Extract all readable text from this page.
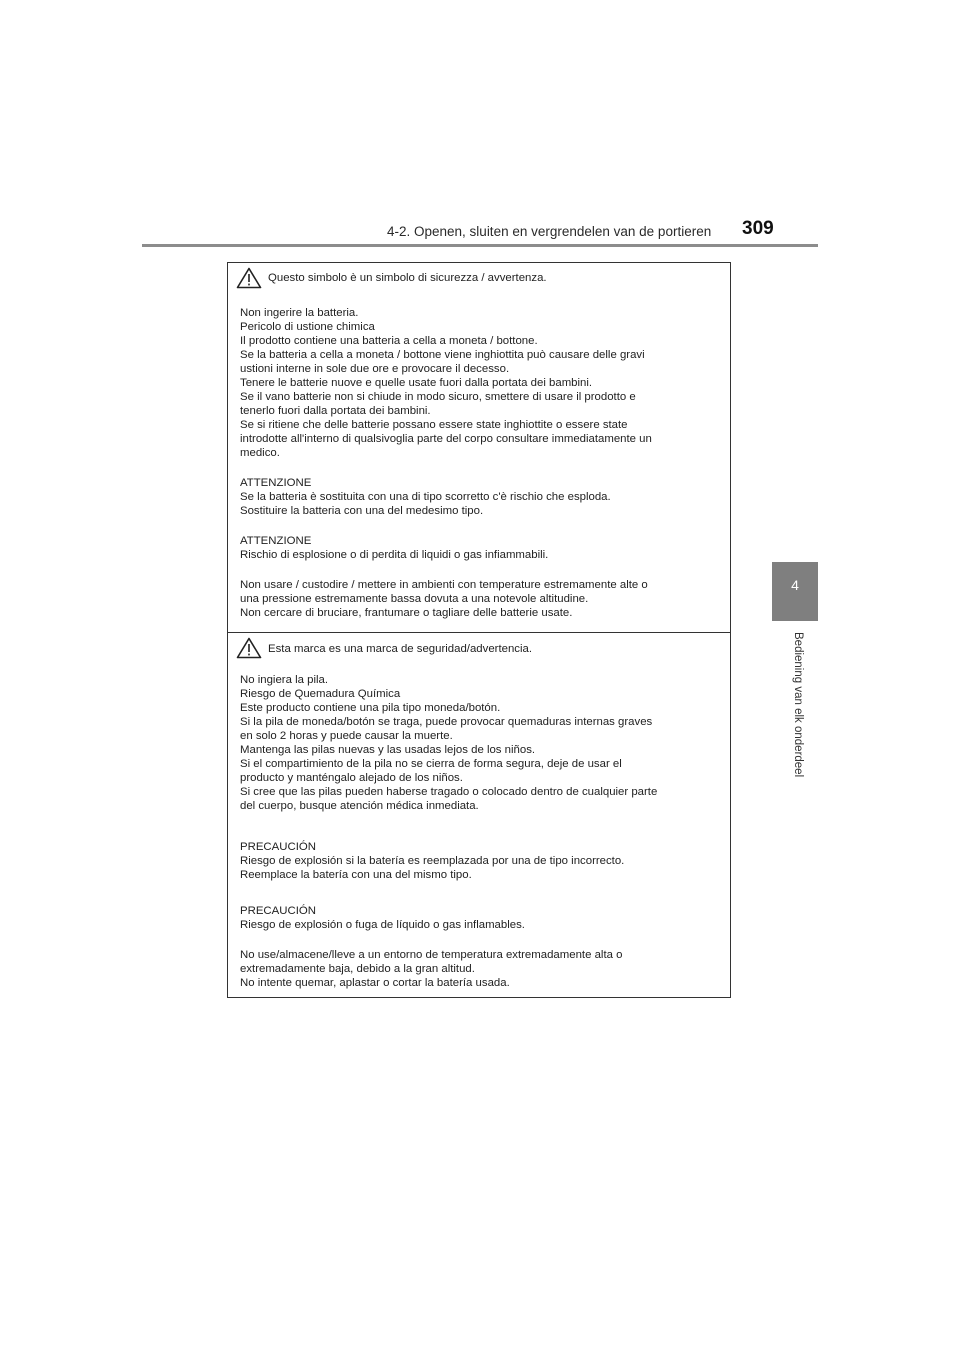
4-2. Openen, sluiten en vergrendelen van de portieren 309
4
Bediening van elk onderdeel
Questo simbolo è un simbolo di sicurezza / avvertenza.
Non ingerire la batteria.
Pericolo di ustione chimica
Il prodotto contiene una batteria a cella a moneta / bottone.
Se la batteria a cella a moneta / bottone viene inghiottita può causare delle gravi
ustioni interne in sole due ore e provocare il decesso.
Tenere le batterie nuove e quelle usate fuori dalla portata dei bambini.
Se il vano batterie non si chiude in modo sicuro, smettere di usare il prodotto e
tenerlo fuori dalla portata dei bambini.
Se si ritiene che delle batterie possano essere state inghiottite o essere state
introdotte all'interno di qualsivoglia parte del corpo consultare immediatamente un
medico.
ATTENZIONE
Se la batteria è sostituita con una di tipo scorretto c'è rischio che esploda.
Sostituire la batteria con una del medesimo tipo.
ATTENZIONE
Rischio di esplosione o di perdita di liquidi o gas infiammabili.
Non usare / custodire / mettere in ambienti con temperature estremamente alte o
una pressione estremamente bassa dovuta a una notevole altitudine.
Non cercare di bruciare, frantumare o tagliare delle batterie usate.
Esta marca es una marca de seguridad/advertencia.
No ingiera la pila.
Riesgo de Quemadura Química
Este producto contiene una pila tipo moneda/botón.
Si la pila de moneda/botón se traga, puede provocar quemaduras internas graves
en solo 2 horas y puede causar la muerte.
Mantenga las pilas nuevas y las usadas lejos de los niños.
Si el compartimiento de la pila no se cierra de forma segura, deje de usar el
producto y manténgalo alejado de los niños.
Si cree que las pilas pueden haberse tragado o colocado dentro de cualquier parte
del cuerpo, busque atención médica inmediata.
PRECAUCIÓN
Riesgo de explosión si la batería es reemplazada por una de tipo incorrecto.
Reemplace la batería con una del mismo tipo.
PRECAUCIÓN
Riesgo de explosión o fuga de líquido o gas inflamables.
No use/almacene/lleve a un entorno de temperatura extremadamente alta o
extremadamente baja, debido a la gran altitud.
No intente quemar, aplastar o cortar la batería usada.
